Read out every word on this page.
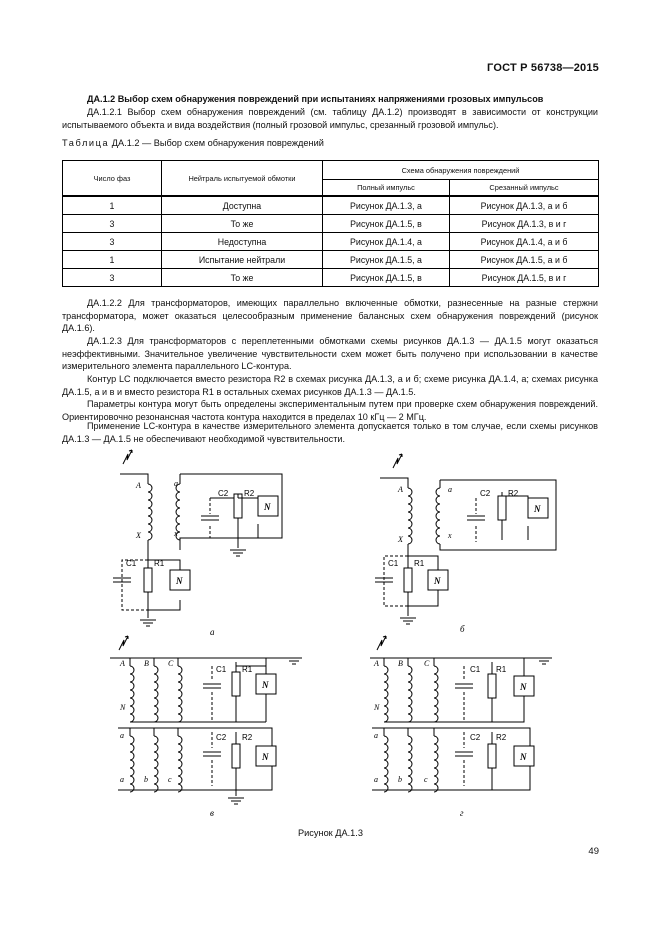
ГОСТ Р 56738—2015
ДА.1.2 Выбор схем обнаружения повреждений при испытаниях напряжениями грозовых импульсов
ДА.1.2.1 Выбор схем обнаружения повреждений (см. таблицу ДА.1.2) производят в зависимости от конструкции испытываемого объекта и вида воздействия (полный грозовой импульс, срезанный грозовой импульс).
Таблица ДА.1.2 — Выбор схем обнаружения повреждений
Число фаз	Нейтраль испытуемой обмотки	Схема обнаружения повреждений	
		Полный импульс	Срезанный импульс
1	Доступна	Рисунок ДА.1.3, а	Рисунок ДА.1.3, а и б
3	То же	Рисунок ДА.1.5, в	Рисунок ДА.1.3, в и г
3	Недоступна	Рисунок ДА.1.4, а	Рисунок ДА.1.4, а и б
1	Испытание нейтрали	Рисунок ДА.1.5, а	Рисунок ДА.1.5, а и б
3	То же	Рисунок ДА.1.5, в	Рисунок ДА.1.5, в и г
ДА.1.2.2 Для трансформаторов, имеющих параллельно включенные обмотки, разнесенные на разные стержни трансформатора, может оказаться целесообразным применение балансных схем обнаружения повреждений (рисунок ДА.1.6).
ДА.1.2.3 Для трансформаторов с переплетенными обмотками схемы рисунков ДА.1.3 — ДА.1.5 могут оказаться неэффективными. Значительное увеличение чувствительности схем может быть получено при использовании в качестве измерительного элемента параллельного LC-контура.
Контур LC подключается вместо резистора R2 в схемах рисунка ДА.1.3, а и б; схеме рисунка ДА.1.4, а; схемах рисунка ДА.1.5, а и в и вместо резистора R1 в остальных схемах рисунков ДА.1.3 — ДА.1.5.
Параметры контура могут быть определены экспериментальным путем при проверке схем обнаружения повреждений. Ориентировочно резонансная частота контура находится в пределах 10 кГц — 2 МГц.
Применение LC-контура в качестве измерительного элемента допускается только в том случае, если схемы рисунков ДА.1.3 — ДА.1.5 не обеспечивают необходимой чувствительности.
A
X
a
x
C2 R2
N
C1 R1
N
а
A
X
a
x
C2 R2
N
C1 R1
N
б
A B C
N
C1 R1
N
a
a	b	c
C2 R2
N
в
A B	C
N
C1 R1
N
a
a	b	c
C2 R2
N
г
Рисунок ДА.1.3
49
